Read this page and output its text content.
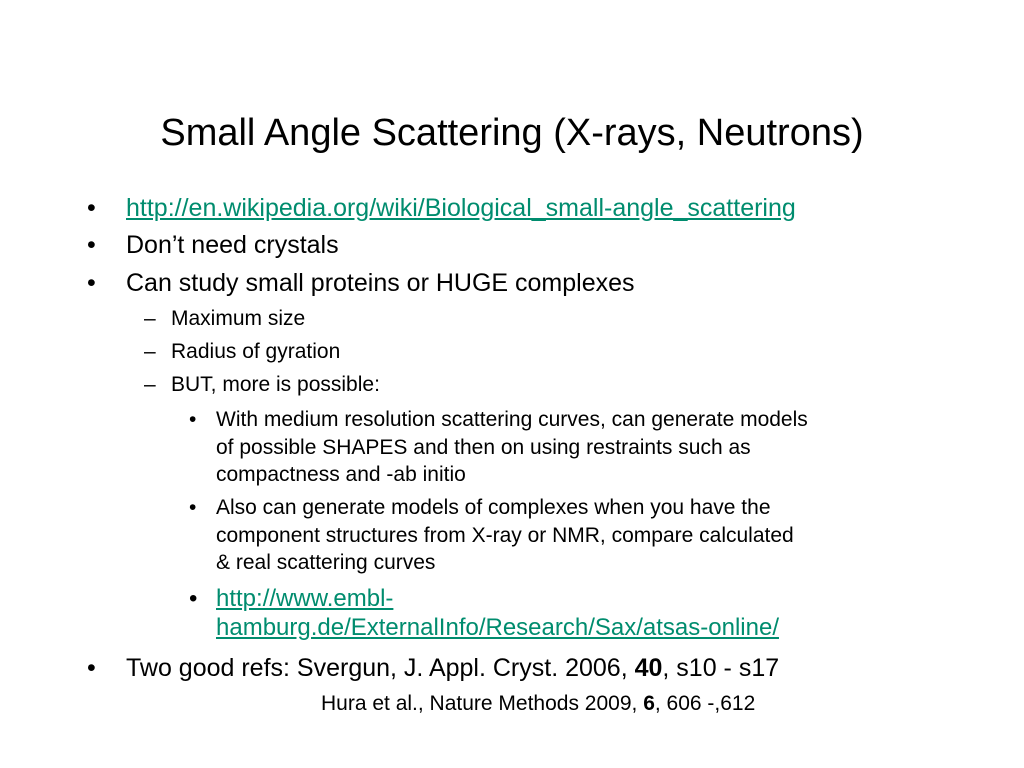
Small Angle Scattering (X-rays, Neutrons)
•	http://en.wikipedia.org/wiki/Biological_small-angle_scattering
•	Don’t need crystals
•	Can study small proteins or HUGE complexes
– Maximum size
– Radius of gyration
– BUT, more is possible:
• With medium resolution scattering curves, can generate models
of possible SHAPES and then on using restraints such as
compactness and -ab initio
• Also can generate models of complexes when you have the
component structures from X-ray or NMR, compare calculated
& real scattering curves
• http://www.embl-
hamburg.de/ExternalInfo/Research/Sax/atsas-online/
•	Two good refs: Svergun, J. Appl. Cryst. 2006, 40, s10 - s17
Hura et al., Nature Methods 2009, 6, 606 -,612
